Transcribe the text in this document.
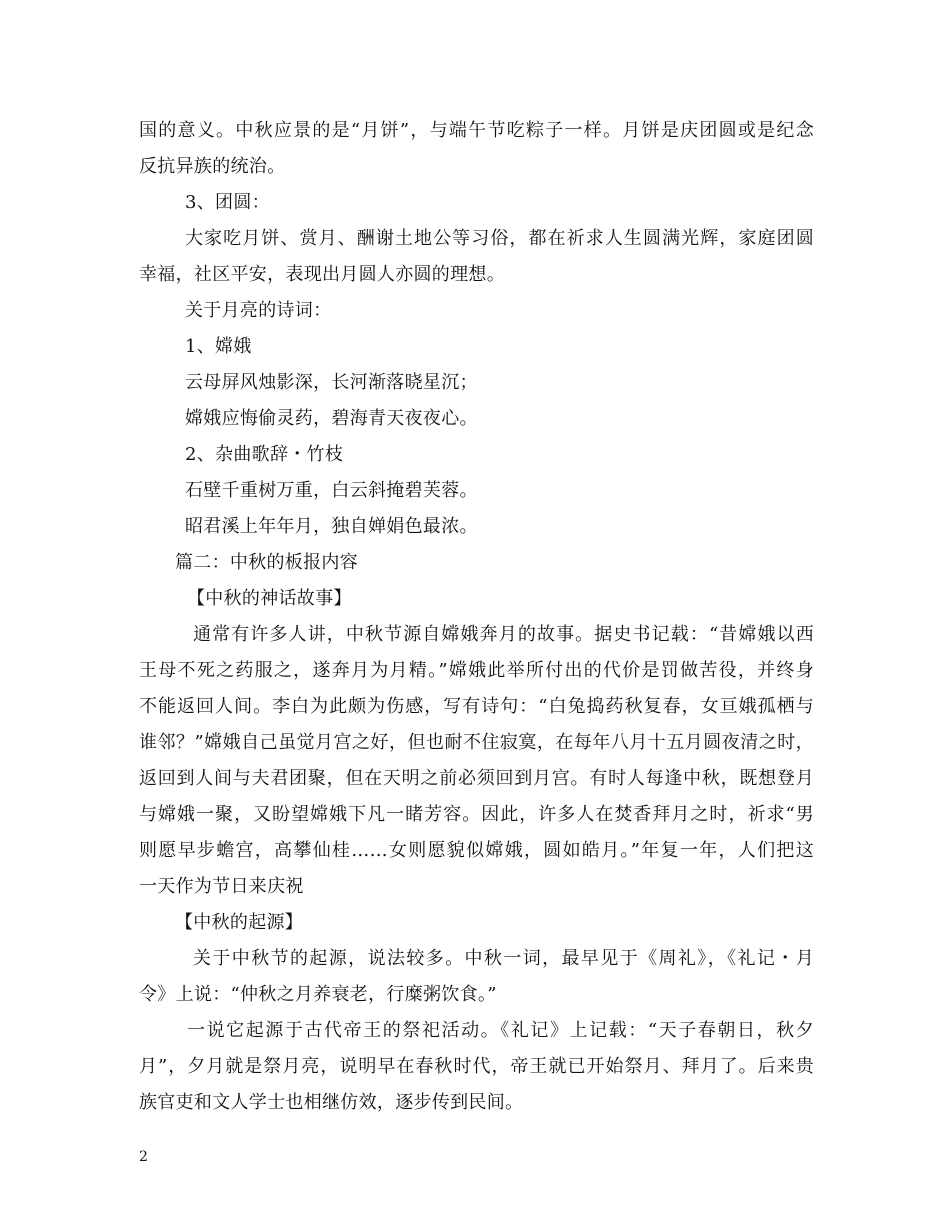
国的意义。中秋应景的是“月饼”，与端午节吃粽子一样。月饼是庆团圆或是纪念
反抗异族的统治。
3、团圆：
大家吃月饼、赏月、酬谢土地公等习俗，都在祈求人生圆满光辉，家庭团圆
幸福，社区平安，表现出月圆人亦圆的理想。
关于月亮的诗词：
1、嫦娥
云母屏风烛影深，长河渐落晓星沉；
嫦娥应悔偷灵药，碧海青天夜夜心。
2、杂曲歌辞・竹枝
石壁千重树万重，白云斜掩碧芙蓉。
昭君溪上年年月，独自婵娟色最浓。
篇二：中秋的板报内容
【中秋的神话故事】
通常有许多人讲，中秋节源自嫦娥奔月的故事。据史书记载：“昔嫦娥以西
王母不死之药服之，遂奔月为月精。”嫦娥此举所付出的代价是罚做苦役，并终身
不能返回人间。李白为此颇为伤感，写有诗句：“白兔捣药秋复春，女亘娥孤栖与
谁邻？”嫦娥自己虽觉月宫之好，但也耐不住寂寞，在每年八月十五月圆夜清之时，
返回到人间与夫君团聚，但在天明之前必须回到月宫。有时人每逢中秋，既想登月
与嫦娥一聚，又盼望嫦娥下凡一睹芳容。因此，许多人在焚香拜月之时，祈求“男
则愿早步蟾宫，高攀仙桂……女则愿貌似嫦娥，圆如皓月。”年复一年，人们把这
一天作为节日来庆祝
【中秋的起源】
关于中秋节的起源，说法较多。中秋一词，最早见于《周礼》，《礼记・月
令》上说：“仲秋之月养衰老，行糜粥饮食。”
一说它起源于古代帝王的祭祀活动。《礼记》上记载：“天子春朝日，秋夕
月”，夕月就是祭月亮，说明早在春秋时代，帝王就已开始祭月、拜月了。后来贵
族官吏和文人学士也相继仿效，逐步传到民间。
2
